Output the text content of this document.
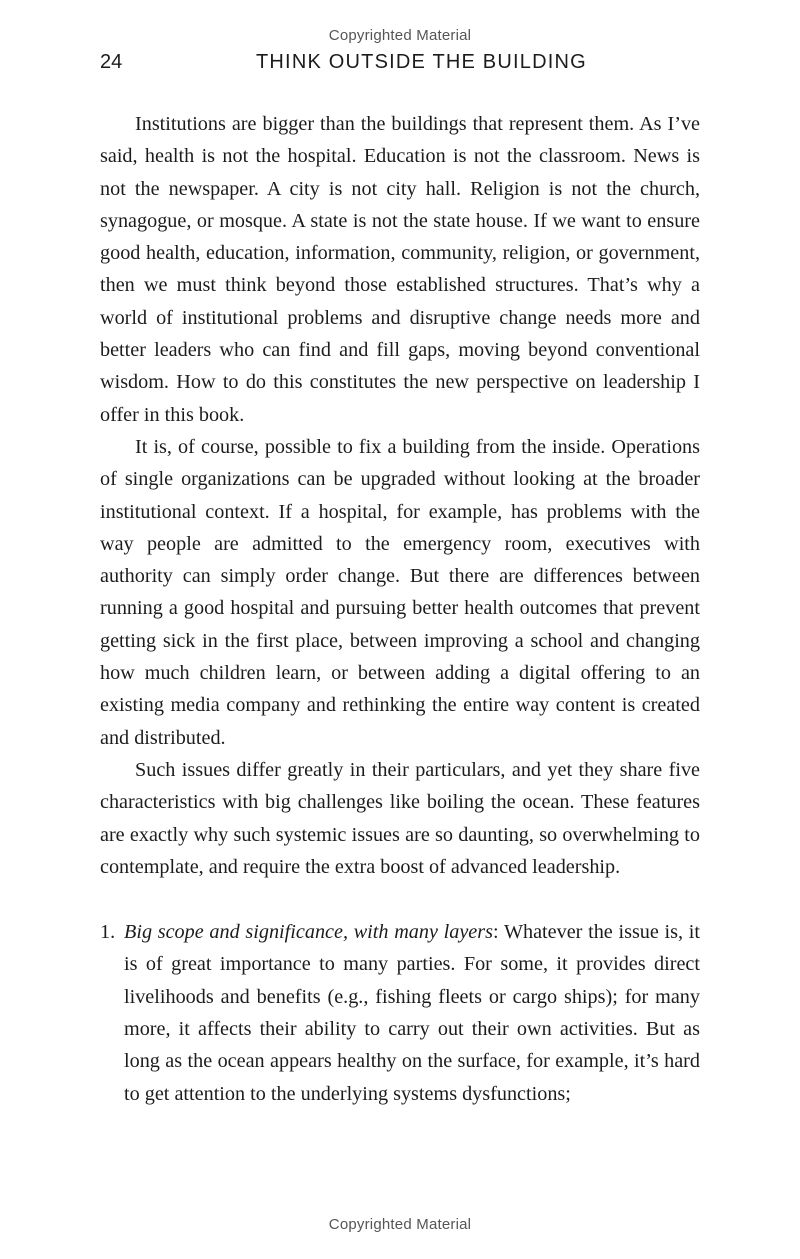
Copyrighted Material
24	THINK OUTSIDE THE BUILDING

Institutions are bigger than the buildings that represent them. As I’ve said, health is not the hospital. Education is not the classroom. News is not the newspaper. A city is not city hall. Religion is not the church, synagogue, or mosque. A state is not the state house. If we want to ensure good health, education, information, community, religion, or government, then we must think beyond those established structures. That’s why a world of institutional problems and disruptive change needs more and better leaders who can find and fill gaps, moving beyond conventional wisdom. How to do this constitutes the new perspective on leadership I offer in this book.

It is, of course, possible to fix a building from the inside. Operations of single organizations can be upgraded without looking at the broader institutional context. If a hospital, for example, has problems with the way people are admitted to the emergency room, executives with authority can simply order change. But there are differences between running a good hospital and pursuing better health outcomes that prevent getting sick in the first place, between improving a school and changing how much children learn, or between adding a digital offering to an existing media company and rethinking the entire way content is created and distributed.

Such issues differ greatly in their particulars, and yet they share five characteristics with big challenges like boiling the ocean. These features are exactly why such systemic issues are so daunting, so overwhelming to contemplate, and require the extra boost of advanced leadership.

1. Big scope and significance, with many layers: Whatever the issue is, it is of great importance to many parties. For some, it provides direct livelihoods and benefits (e.g., fishing fleets or cargo ships); for many more, it affects their ability to carry out their own activities. But as long as the ocean appears healthy on the surface, for example, it’s hard to get attention to the underlying systems dysfunctions;
Copyrighted Material
